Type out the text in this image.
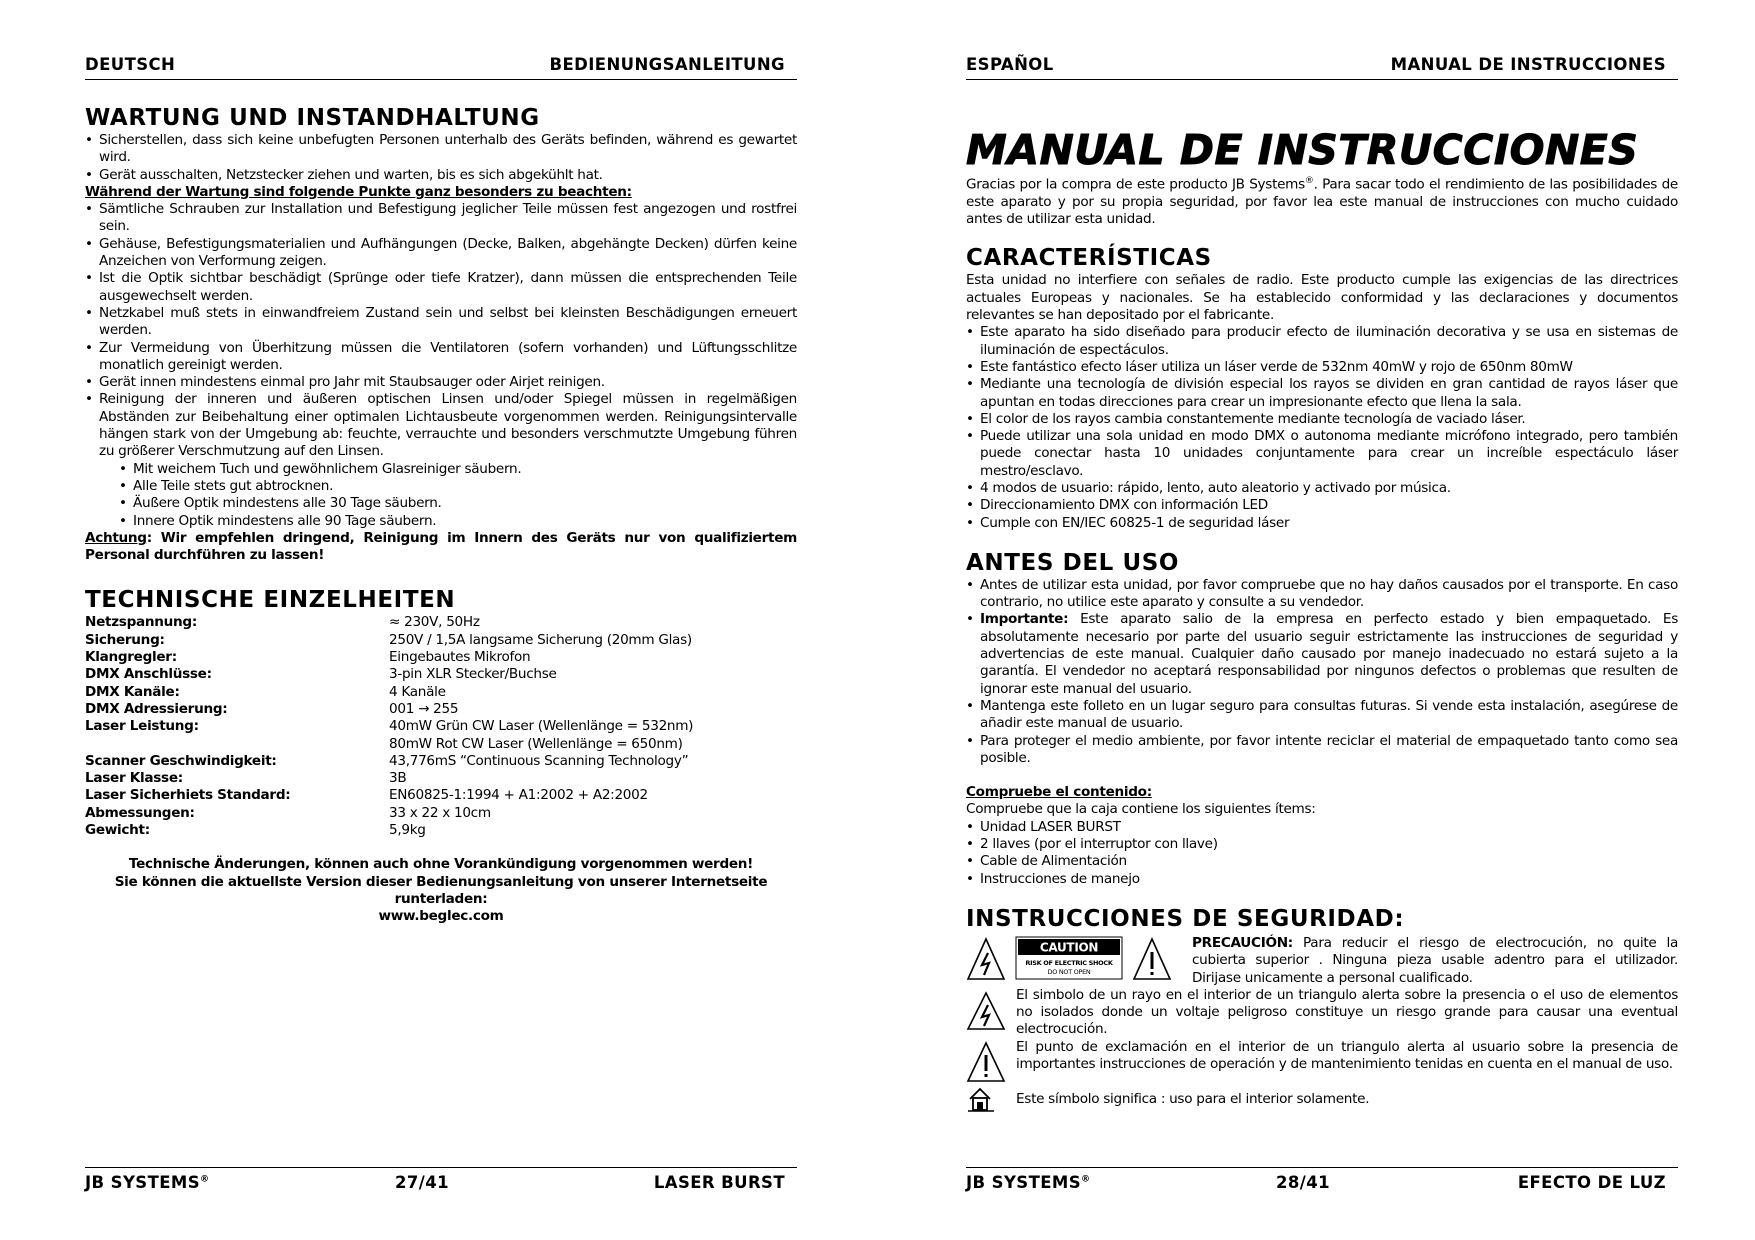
DEUTSCH	BEDIENUNGSANLEITUNG
WARTUNG UND INSTANDHALTUNG
• Sicherstellen, dass sich keine unbefugten Personen unterhalb des Geräts befinden, während es gewartet wird.
• Gerät ausschalten, Netzstecker ziehen und warten, bis es sich abgekühlt hat.
Während der Wartung sind folgende Punkte ganz besonders zu beachten:
• Sämtliche Schrauben zur Installation und Befestigung jeglicher Teile müssen fest angezogen und rostfrei sein.
• Gehäuse, Befestigungsmaterialien und Aufhängungen (Decke, Balken, abgehängte Decken) dürfen keine Anzeichen von Verformung zeigen.
• Ist die Optik sichtbar beschädigt (Sprünge oder tiefe Kratzer), dann müssen die entsprechenden Teile ausgewechselt werden.
• Netzkabel muß stets in einwandfreiem Zustand sein und selbst bei kleinsten Beschädigungen erneuert werden.
• Zur Vermeidung von Überhitzung müssen die Ventilatoren (sofern vorhanden) und Lüftungsschlitze monatlich gereinigt werden.
• Gerät innen mindestens einmal pro Jahr mit Staubsauger oder Airjet reinigen.
• Reinigung der inneren und äußeren optischen Linsen und/oder Spiegel müssen in regelmäßigen Abständen zur Beibehaltung einer optimalen Lichtausbeute vorgenommen werden. Reinigungsintervalle hängen stark von der Umgebung ab: feuchte, verrauchte und besonders verschmutzte Umgebung führen zu größerer Verschmutzung auf den Linsen.
• Mit weichem Tuch und gewöhnlichem Glasreiniger säubern.
• Alle Teile stets gut abtrocknen.
• Äußere Optik mindestens alle 30 Tage säubern.
• Innere Optik mindestens alle 90 Tage säubern.
Achtung: Wir empfehlen dringend, Reinigung im Innern des Geräts nur von qualifiziertem Personal durchführen zu lassen!
TECHNISCHE EINZELHEITEN
Netzspannung:	≈ 230V, 50Hz
Sicherung:	250V / 1,5A langsame Sicherung (20mm Glas)
Klangregler:	Eingebautes Mikrofon
DMX Anschlüsse:	3-pin XLR Stecker/Buchse
DMX Kanäle:	4 Kanäle
DMX Adressierung:	001 → 255
Laser Leistung:	40mW Grün CW Laser (Wellenlänge = 532nm)
80mW Rot CW Laser (Wellenlänge = 650nm)
Scanner Geschwindigkeit:	43,776mS “Continuous Scanning Technology”
Laser Klasse:	3B
Laser Sicherhiets Standard:	EN60825-1:1994 + A1:2002 + A2:2002
Abmessungen:	33 x 22 x 10cm
Gewicht:	5,9kg
Technische Änderungen, können auch ohne Vorankündigung vorgenommen werden!
Sie können die aktuellste Version dieser Bedienungsanleitung von unserer Internetseite runterladen:
www.beglec.com
JB SYSTEMS®	27/41	LASER BURST
ESPAÑOL	MANUAL DE INSTRUCCIONES
MANUAL DE INSTRUCCIONES

Gracias por la compra de este producto JB Systems®. Para sacar todo el rendimiento de las posibilidades de este aparato y por su propia seguridad, por favor lea este manual de instrucciones con mucho cuidado antes de utilizar esta unidad.

CARACTERÍSTICAS

Esta unidad no interfiere con señales de radio. Este producto cumple las exigencias de las directrices actuales Europeas y nacionales. Se ha establecido conformidad y las declaraciones y documentos relevantes se han depositado por el fabricante.

• Este aparato ha sido diseñado para producir efecto de iluminación decorativa y se usa en sistemas de iluminación de espectáculos.
• Este fantástico efecto láser utiliza un láser verde de 532nm 40mW y rojo de 650nm 80mW
• Mediante una tecnología de división especial los rayos se dividen en gran cantidad de rayos láser que apuntan en todas direcciones para crear un impresionante efecto que llena la sala.
• El color de los rayos cambia constantemente mediante tecnología de vaciado láser.
• Puede utilizar una sola unidad en modo DMX o autonoma mediante micrófono integrado, pero también puede conectar hasta 10 unidades conjuntamente para crear un increíble espectáculo láser mestro/esclavo.
• 4 modos de usuario: rápido, lento, auto aleatorio y activado por música.
• Direccionamiento DMX con información LED
• Cumple con EN/IEC 60825-1 de seguridad láser
ANTES DEL USO
• Antes de utilizar esta unidad, por favor compruebe que no hay daños causados por el transporte. En caso contrario, no utilice este aparato y consulte a su vendedor.
• Importante: Este aparato salio de la empresa en perfecto estado y bien empaquetado. Es absolutamente necesario por parte del usuario seguir estrictamente las instrucciones de seguridad y advertencias de este manual. Cualquier daño causado por manejo inadecuado no estará sujeto a la garantía. El vendedor no aceptará responsabilidad por ningunos defectos o problemas que resulten de ignorar este manual del usuario.
• Mantenga este folleto en un lugar seguro para consultas futuras. Si vende esta instalación, asegúrese de añadir este manual de usuario.
• Para proteger el medio ambiente, por favor intente reciclar el material de empaquetado tanto como sea posible.
Compruebe el contenido:
Compruebe que la caja contiene los siguientes ítems:
• Unidad LASER BURST
• 2 llaves (por el interruptor con llave)
• Cable de Alimentación
• Instrucciones de manejo
INSTRUCCIONES DE SEGURIDAD:
CAUTION
RISK OF ELECTRIC SHOCK
DO NOT OPEN

PRECAUCIÓN: Para reducir el riesgo de electrocución, no quite la cubierta superior . Ninguna pieza usable adentro para el utilizador. Dirijase unicamente a personal cualificado.

El simbolo de un rayo en el interior de un triangulo alerta sobre la presencia o el uso de elementos no isolados donde un voltaje peligroso constituye un riesgo grande para causar una eventual electrocución.

El punto de exclamación en el interior de un triangulo alerta al usuario sobre la presencia de importantes instrucciones de operación y de mantenimiento tenidas en cuenta en el manual de uso.

Este símbolo significa : uso para el interior solamente.

JB SYSTEMS®	28/41	EFECTO DE LUZ
